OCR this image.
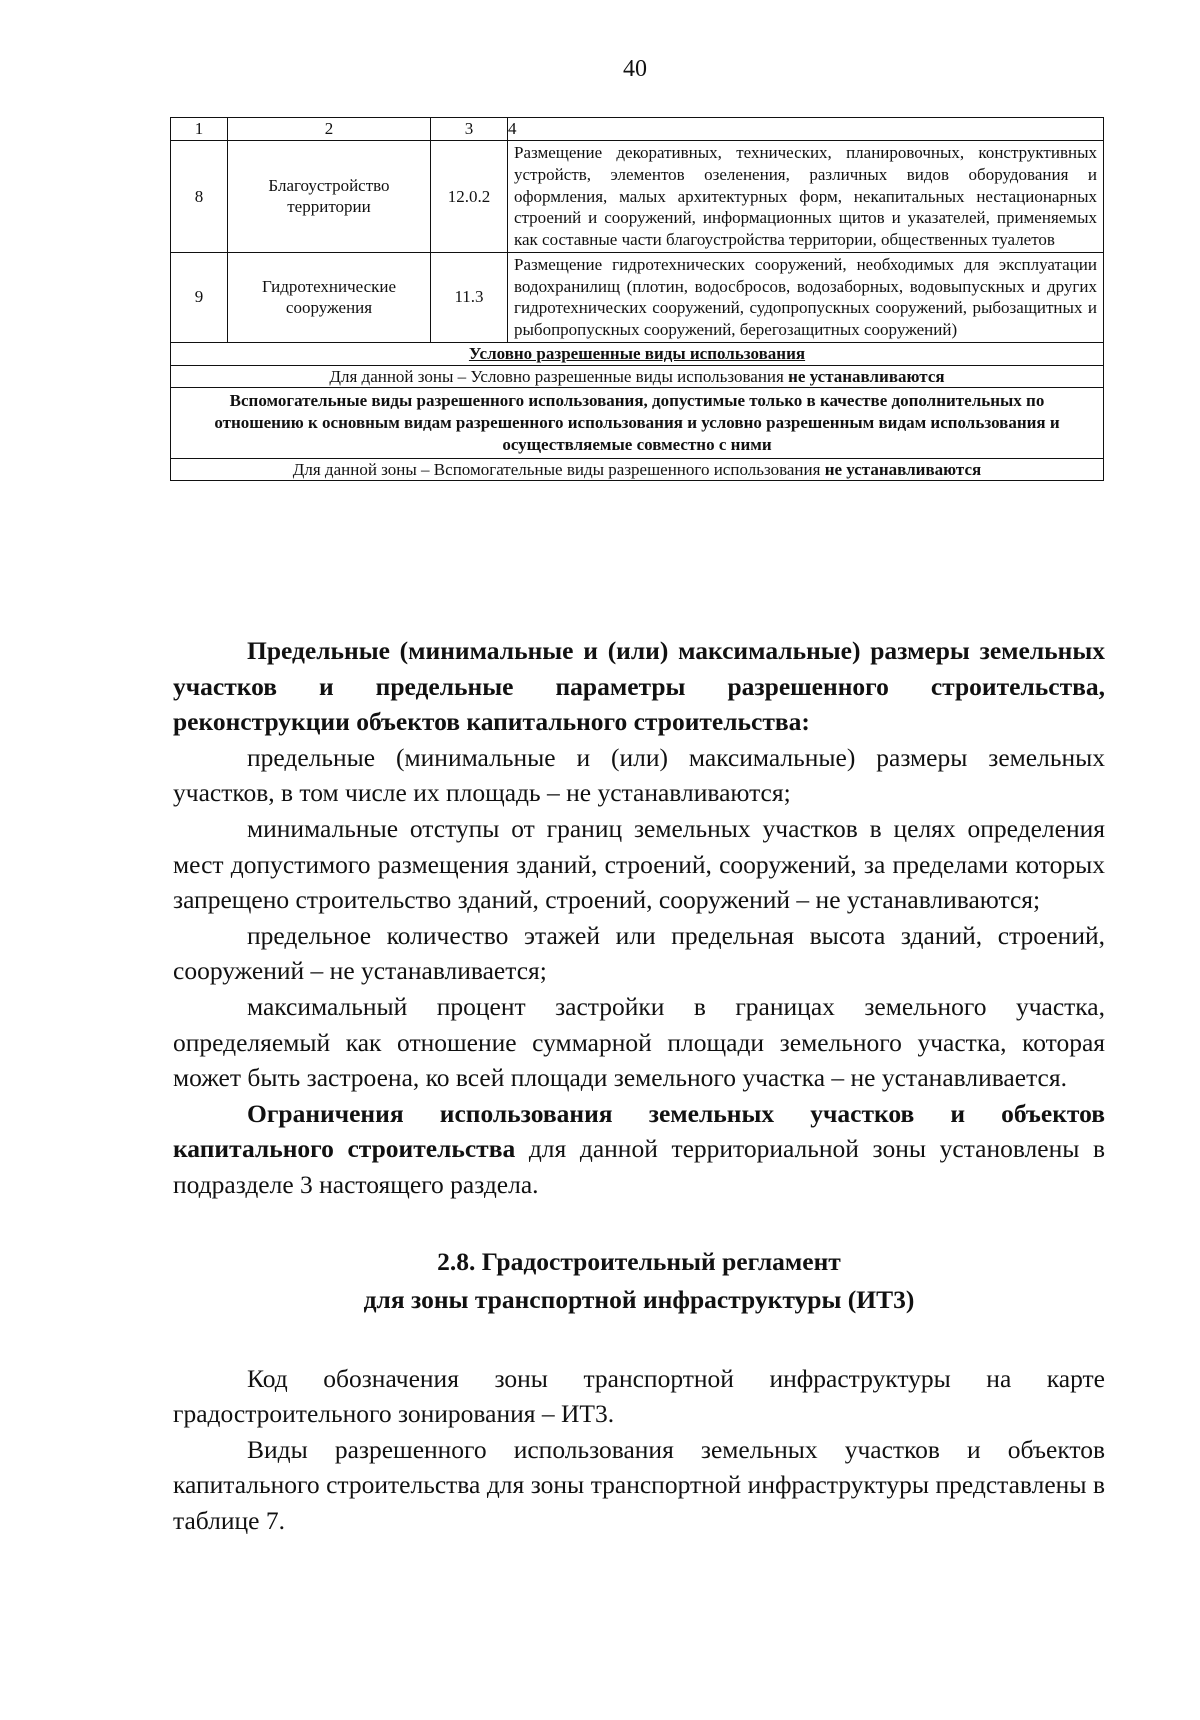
40
1	2	3	4
8	Благоустройство территории	12.0.2	Размещение декоративных, технических, планировочных, конструктивных устройств, элементов озеленения, различных видов оборудования и оформления, малых архитектурных форм, некапитальных нестационарных строений и сооружений, информационных щитов и указателей, применяемых как составные части благоустройства территории, общественных туалетов
9	Гидротехнические сооружения	11.3	Размещение гидротехнических сооружений, необходимых для эксплуатации водохранилищ (плотин, водосбросов, водозаборных, водовыпускных и других гидротехнических сооружений, судопропускных сооружений, рыбозащитных и рыбопропускных сооружений, берегозащитных сооружений)
Условно разрешенные виды использования			
Для данной зоны – Условно разрешенные виды использования не устанавливаются			
Вспомогательные виды разрешенного использования, допустимые только в качестве дополнительных по отношению к основным видам разрешенного использования и условно разрешенным видам использования и осуществляемые совместно с ними			
Для данной зоны – Вспомогательные виды разрешенного использования не устанавливаются			

Предельные (минимальные и (или) максимальные) размеры земельных участков и предельные параметры разрешенного строительства, реконструкции объектов капитального строительства:

предельные (минимальные и (или) максимальные) размеры земельных участков, в том числе их площадь – не устанавливаются;

минимальные отступы от границ земельных участков в целях определения мест допустимого размещения зданий, строений, сооружений, за пределами которых запрещено строительство зданий, строений, сооружений – не устанавливаются;

предельное количество этажей или предельная высота зданий, строений, сооружений – не устанавливается;

максимальный процент застройки в границах земельного участка, определяемый как отношение суммарной площади земельного участка, которая может быть застроена, ко всей площади земельного участка – не устанавливается.

Ограничения использования земельных участков и объектов капитального строительства для данной территориальной зоны установлены в подразделе 3 настоящего раздела.

2.8. Градостроительный регламент
для зоны транспортной инфраструктуры (ИТ3)

Код обозначения зоны транспортной инфраструктуры на карте градостроительного зонирования – ИТ3.

Виды разрешенного использования земельных участков и объектов капитального строительства для зоны транспортной инфраструктуры представлены в таблице 7.
